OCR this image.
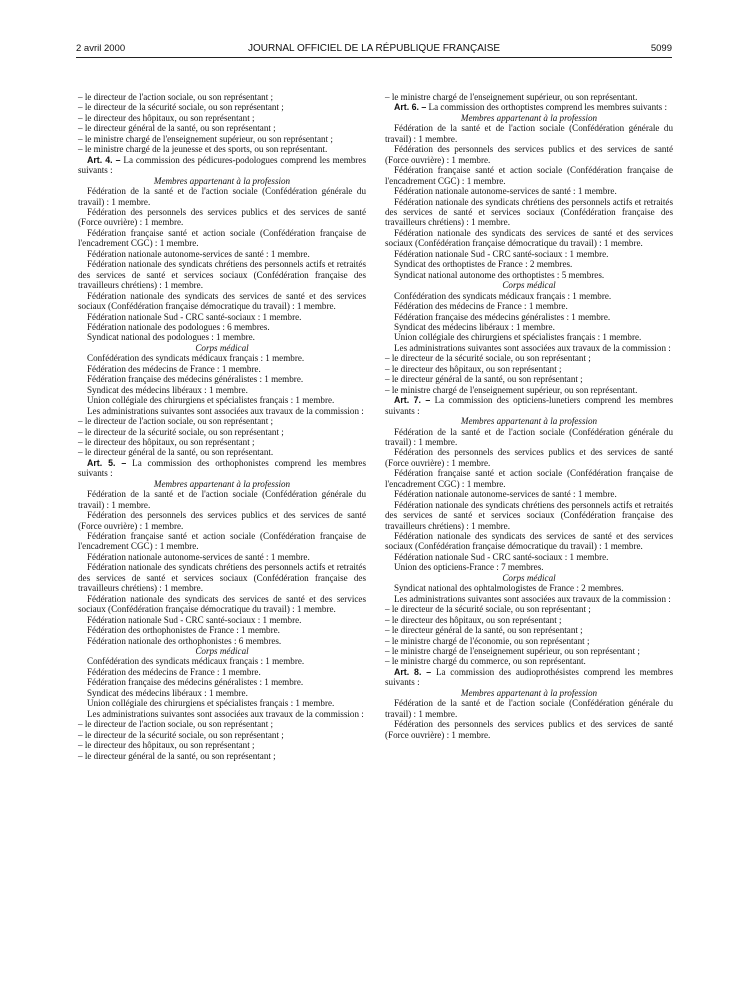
2 avril 2000	JOURNAL OFFICIEL DE LA RÉPUBLIQUE FRANÇAISE	5099

– le directeur de l'action sociale, ou son représentant ;

– le directeur de la sécurité sociale, ou son représentant ;

– le directeur des hôpitaux, ou son représentant ;

– le directeur général de la santé, ou son représentant ;

– le ministre chargé de l'enseignement supérieur, ou son représentant ;

– le ministre chargé de la jeunesse et des sports, ou son représentant.

Art. 4. – La commission des pédicures-podologues comprend les membres suivants :

Membres appartenant à la profession

Fédération de la santé et de l'action sociale (Confédération générale du travail) : 1 membre.

Fédération des personnels des services publics et des services de santé (Force ouvrière) : 1 membre.

Fédération française santé et action sociale (Confédération française de l'encadrement CGC) : 1 membre.

Fédération nationale autonome-services de santé : 1 membre.

Fédération nationale des syndicats chrétiens des personnels actifs et retraités des services de santé et services sociaux (Confédération française des travailleurs chrétiens) : 1 membre.

Fédération nationale des syndicats des services de santé et des services sociaux (Confédération française démocratique du travail) : 1 membre.

Fédération nationale Sud - CRC santé-sociaux : 1 membre.

Fédération nationale des podologues : 6 membres.

Syndicat national des podologues : 1 membre.

Corps médical

Confédération des syndicats médicaux français : 1 membre.

Fédération des médecins de France : 1 membre.

Fédération française des médecins généralistes : 1 membre.

Syndicat des médecins libéraux : 1 membre.

Union collégiale des chirurgiens et spécialistes français : 1 membre.

Les administrations suivantes sont associées aux travaux de la commission :

– le directeur de l'action sociale, ou son représentant ;

– le directeur de la sécurité sociale, ou son représentant ;

– le directeur des hôpitaux, ou son représentant ;

– le directeur général de la santé, ou son représentant.

Art. 5. – La commission des orthophonistes comprend les membres suivants :

Membres appartenant à la profession

Fédération de la santé et de l'action sociale (Confédération générale du travail) : 1 membre.

Fédération des personnels des services publics et des services de santé (Force ouvrière) : 1 membre.

Fédération française santé et action sociale (Confédération française de l'encadrement CGC) : 1 membre.

Fédération nationale autonome-services de santé : 1 membre.

Fédération nationale des syndicats chrétiens des personnels actifs et retraités des services de santé et services sociaux (Confédération française des travailleurs chrétiens) : 1 membre.

Fédération nationale des syndicats des services de santé et des services sociaux (Confédération française démocratique du travail) : 1 membre.

Fédération nationale Sud - CRC santé-sociaux : 1 membre.

Fédération des orthophonistes de France : 1 membre.

Fédération nationale des orthophonistes : 6 membres.

Corps médical

Confédération des syndicats médicaux français : 1 membre.

Fédération des médecins de France : 1 membre.

Fédération française des médecins généralistes : 1 membre.

Syndicat des médecins libéraux : 1 membre.

Union collégiale des chirurgiens et spécialistes français : 1 membre.

Les administrations suivantes sont associées aux travaux de la commission :

– le directeur de l'action sociale, ou son représentant ;

– le directeur de la sécurité sociale, ou son représentant ;

– le directeur des hôpitaux, ou son représentant ;

– le directeur général de la santé, ou son représentant ;

– le ministre chargé de l'enseignement supérieur, ou son représentant.

Art. 6. – La commission des orthoptistes comprend les membres suivants :

Membres appartenant à la profession

Fédération de la santé et de l'action sociale (Confédération générale du travail) : 1 membre.

Fédération des personnels des services publics et des services de santé (Force ouvrière) : 1 membre.

Fédération française santé et action sociale (Confédération française de l'encadrement CGC) : 1 membre.

Fédération nationale autonome-services de santé : 1 membre.

Fédération nationale des syndicats chrétiens des personnels actifs et retraités des services de santé et services sociaux (Confédération française des travailleurs chrétiens) : 1 membre.

Fédération nationale des syndicats des services de santé et des services sociaux (Confédération française démocratique du travail) : 1 membre.

Fédération nationale Sud - CRC santé-sociaux : 1 membre.

Syndicat des orthoptistes de France : 2 membres.

Syndicat national autonome des orthoptistes : 5 membres.

Corps médical

Confédération des syndicats médicaux français : 1 membre.

Fédération des médecins de France : 1 membre.

Fédération française des médecins généralistes : 1 membre.

Syndicat des médecins libéraux : 1 membre.

Union collégiale des chirurgiens et spécialistes français : 1 membre.

Les administrations suivantes sont associées aux travaux de la commission :

– le directeur de la sécurité sociale, ou son représentant ;

– le directeur des hôpitaux, ou son représentant ;

– le directeur général de la santé, ou son représentant ;

– le ministre chargé de l'enseignement supérieur, ou son représentant.

Art. 7. – La commission des opticiens-lunetiers comprend les membres suivants :

Membres appartenant à la profession

Fédération de la santé et de l'action sociale (Confédération générale du travail) : 1 membre.

Fédération des personnels des services publics et des services de santé (Force ouvrière) : 1 membre.

Fédération française santé et action sociale (Confédération française de l'encadrement CGC) : 1 membre.

Fédération nationale autonome-services de santé : 1 membre.

Fédération nationale des syndicats chrétiens des personnels actifs et retraités des services de santé et services sociaux (Confédération française des travailleurs chrétiens) : 1 membre.

Fédération nationale des syndicats des services de santé et des services sociaux (Confédération française démocratique du travail) : 1 membre.

Fédération nationale Sud - CRC santé-sociaux : 1 membre.

Union des opticiens-France : 7 membres.

Corps médical

Syndicat national des ophtalmologistes de France : 2 membres.

Les administrations suivantes sont associées aux travaux de la commission :

– le directeur de la sécurité sociale, ou son représentant ;

– le directeur des hôpitaux, ou son représentant ;

– le directeur général de la santé, ou son représentant ;

– le ministre chargé de l'économie, ou son représentant ;

– le ministre chargé de l'enseignement supérieur, ou son représentant ;

– le ministre chargé du commerce, ou son représentant.

Art. 8. – La commission des audioprothésistes comprend les membres suivants :

Membres appartenant à la profession

Fédération de la santé et de l'action sociale (Confédération générale du travail) : 1 membre.

Fédération des personnels des services publics et des services de santé (Force ouvrière) : 1 membre.
